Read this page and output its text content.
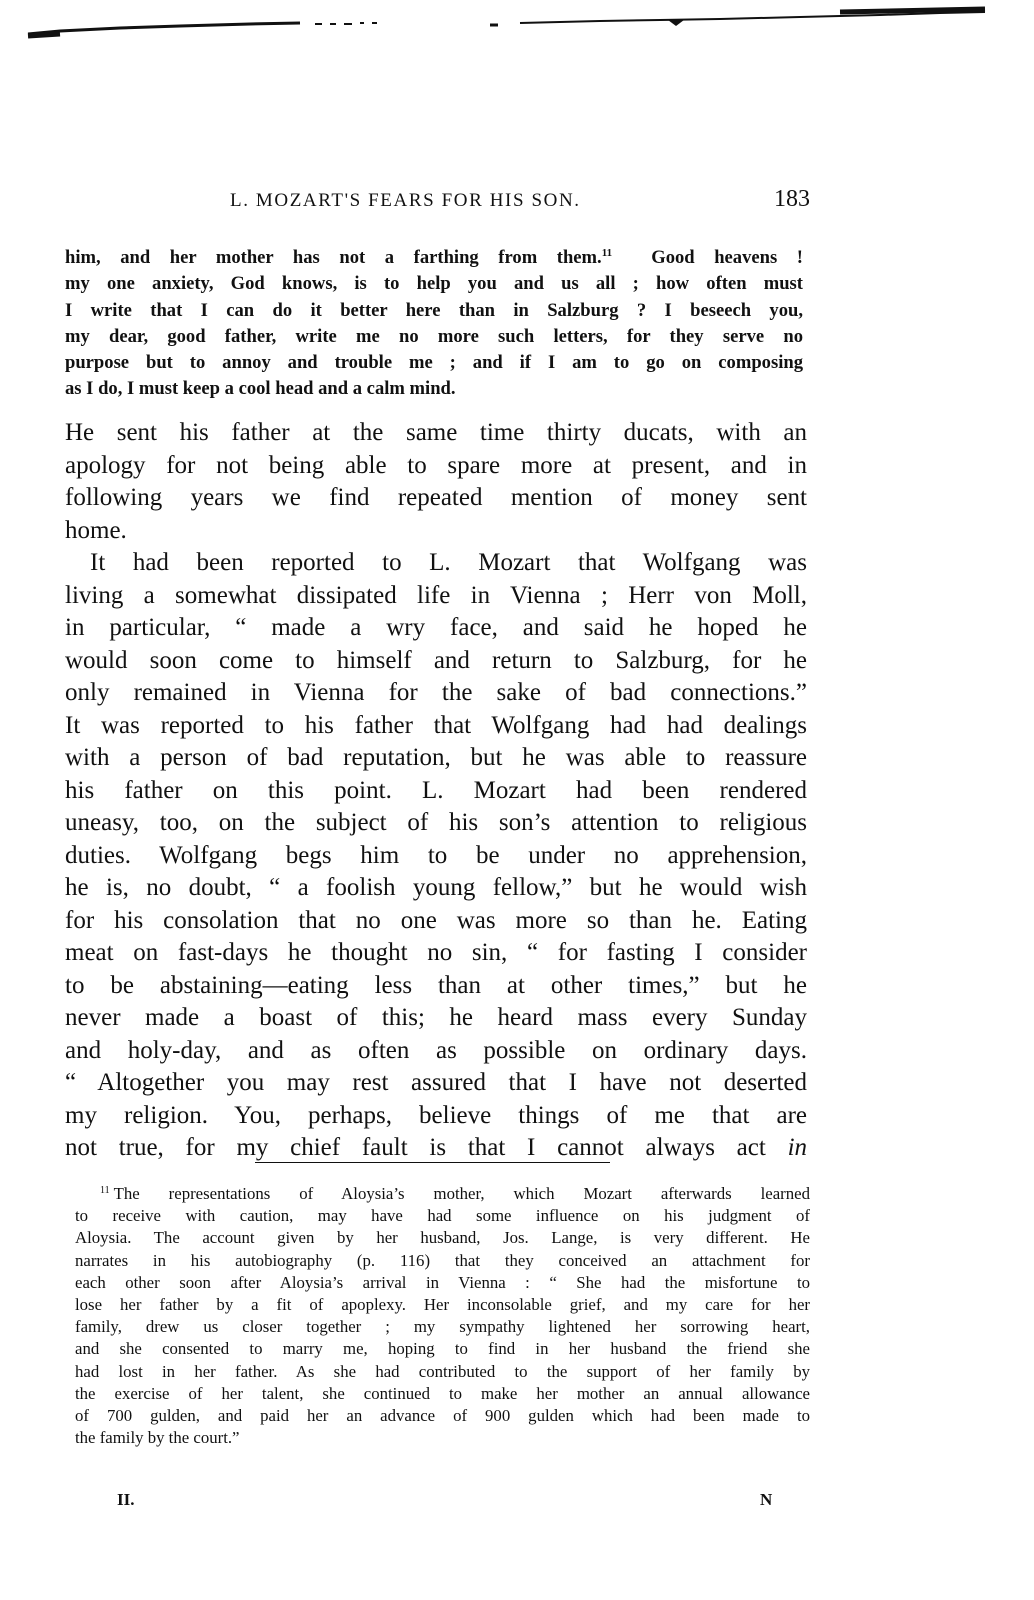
L. MOZART'S FEARS FOR HIS SON.	183
him, and her mother has not a farthing from them.$^{11}$  Good heavens !
my one anxiety, God knows, is to help you and us all ; how often must
I write that I can do it better here than in Salzburg ? I beseech you,
my dear, good father, write me no more such letters, for they serve no
purpose but to annoy and trouble me ; and if I am to go on composing
as I do, I must keep a cool head and a calm mind.
He sent his father at the same time thirty ducats, with an
apology for not being able to spare more at present, and in
following years we find repeated mention of money sent
home.
It had been reported to L. Mozart that Wolfgang was
living a somewhat dissipated life in Vienna ; Herr von Moll,
in particular, “ made a wry face, and said he hoped he
would soon come to himself and return to Salzburg, for he
only remained in Vienna for the sake of bad connections.”
It was reported to his father that Wolfgang had had dealings
with a person of bad reputation, but he was able to reassure
his father on this point. L. Mozart had been rendered
uneasy, too, on the subject of his son’s attention to religious
duties. Wolfgang begs him to be under no apprehension,
he is, no doubt, “ a foolish young fellow,” but he would wish
for his consolation that no one was more so than he. Eating
meat on fast-days he thought no sin, “ for fasting I consider
to be abstaining—eating less than at other times,” but he
never made a boast of this; he heard mass every Sunday
and holy-day, and as often as possible on ordinary days.
“ Altogether you may rest assured that I have not deserted
my religion. You, perhaps, believe things of me that are
not true, for my chief fault is that I cannot always act in
$^{11}$ The representations of Aloysia’s mother, which Mozart afterwards learned
to receive with caution, may have had some influence on his judgment of
Aloysia. The account given by her husband, Jos. Lange, is very different. He
narrates in his autobiography (p. 116) that they conceived an attachment for
each other soon after Aloysia’s arrival in Vienna : “ She had the misfortune to
lose her father by a fit of apoplexy. Her inconsolable grief, and my care for her
family, drew us closer together ; my sympathy lightened her sorrowing heart,
and she consented to marry me, hoping to find in her husband the friend she
had lost in her father. As she had contributed to the support of her family by
the exercise of her talent, she continued to make her mother an annual allowance
of 700 gulden, and paid her an advance of 900 gulden which had been made to
the family by the court.”
II.	N
